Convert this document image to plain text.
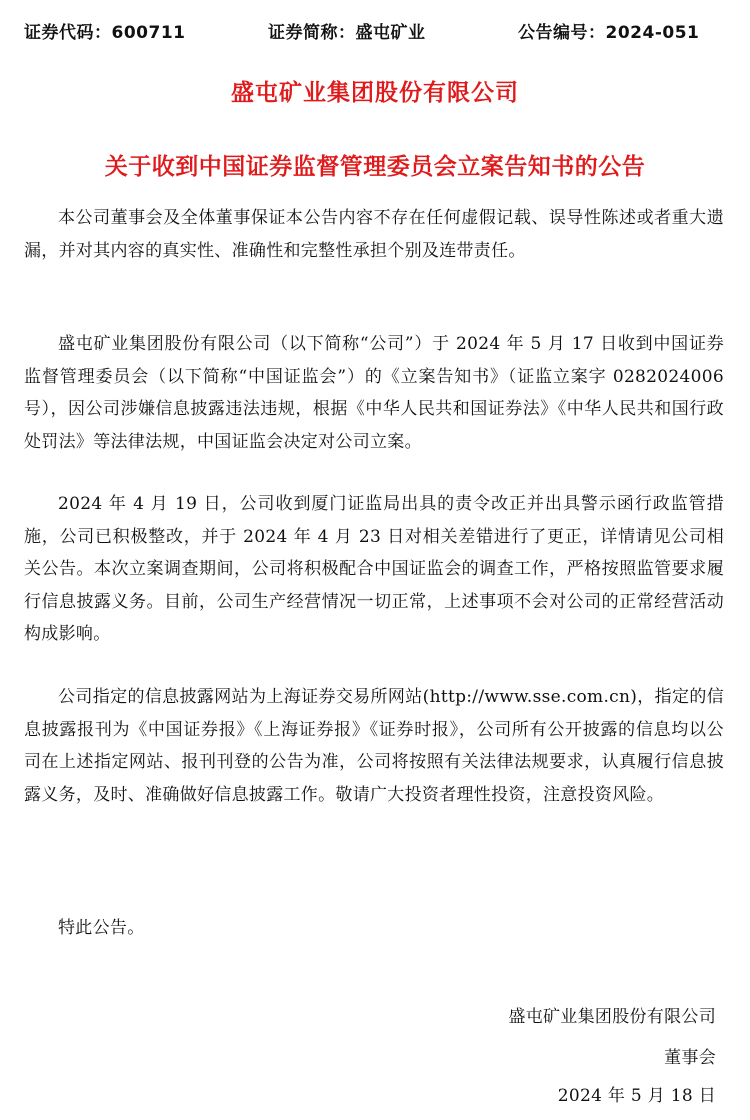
证券代码：600711	证券简称：盛屯矿业	公告编号：2024-051
盛屯矿业集团股份有限公司
关于收到中国证券监督管理委员会立案告知书的公告

本公司董事会及全体董事保证本公告内容不存在任何虚假记载、误导性陈述或者重大遗漏，并对其内容的真实性、准确性和完整性承担个别及连带责任。

盛屯矿业集团股份有限公司（以下简称“公司”）于 2024 年 5 月 17 日收到中国证券监督管理委员会（以下简称“中国证监会”）的《立案告知书》（证监立案字 0282024006 号），因公司涉嫌信息披露违法违规，根据《中华人民共和国证券法》《中华人民共和国行政处罚法》等法律法规，中国证监会决定对公司立案。

2024 年 4 月 19 日，公司收到厦门证监局出具的责令改正并出具警示函行政监管措施，公司已积极整改，并于 2024 年 4 月 23 日对相关差错进行了更正，详情请见公司相关公告。本次立案调查期间，公司将积极配合中国证监会的调查工作，严格按照监管要求履行信息披露义务。目前，公司生产经营情况一切正常，上述事项不会对公司的正常经营活动构成影响。

公司指定的信息披露网站为上海证券交易所网站(http://www.sse.com.cn)，指定的信息披露报刊为《中国证券报》《上海证券报》《证券时报》，公司所有公开披露的信息均以公司在上述指定网站、报刊刊登的公告为准，公司将按照有关法律法规要求，认真履行信息披露义务，及时、准确做好信息披露工作。敬请广大投资者理性投资，注意投资风险。

特此公告。

盛屯矿业集团股份有限公司
董事会
2024 年 5 月 18 日
